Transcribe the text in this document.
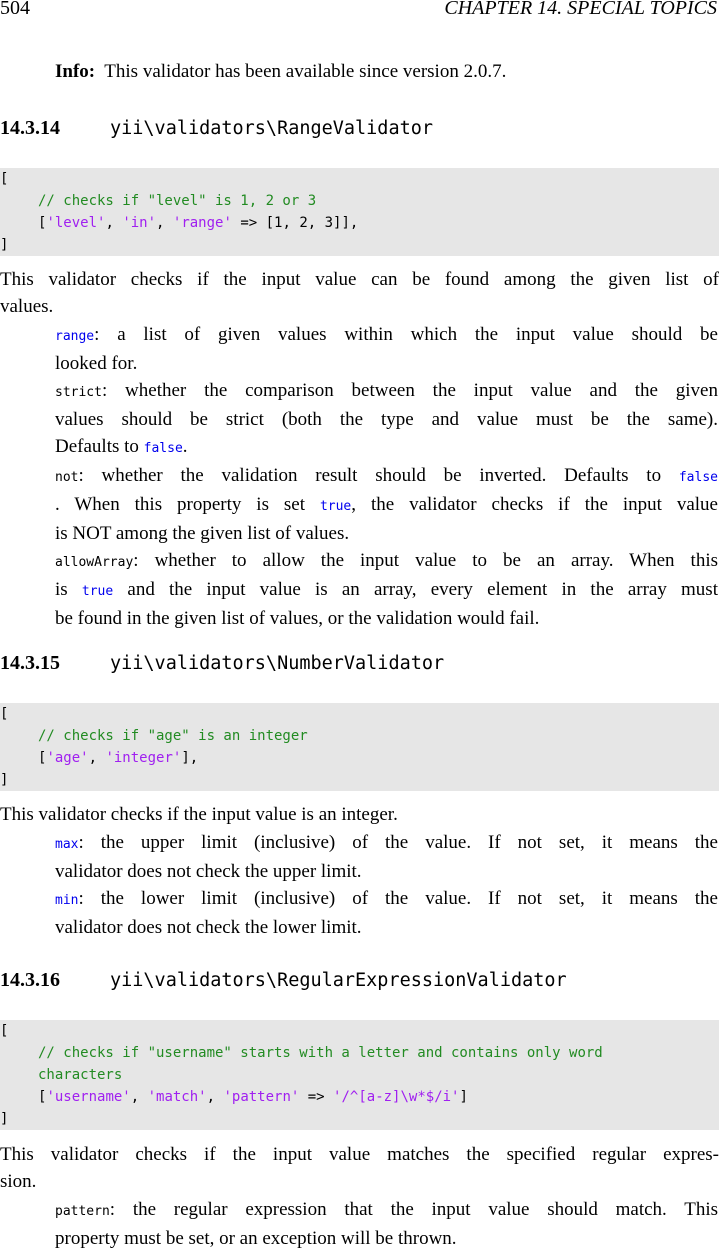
504	CHAPTER 14. SPECIAL TOPICS
Info: This validator has been available since version 2.0.7.
14.3.14	yii\validators\RangeValidator
[
// checks if "level" is 1, 2 or 3
['level', 'in', 'range' => [1, 2, 3]],
]
This validator checks if the input value can be found among the given list of
values.
range: a list of given values within which the input value should be
looked for.
strict: whether the comparison between the input value and the given
values should be strict (both the type and value must be the same).
Defaults to false.
not: whether the validation result should be inverted. Defaults to false
. When this property is set true, the validator checks if the input value
is NOT among the given list of values.
allowArray: whether to allow the input value to be an array. When this
is true and the input value is an array, every element in the array must
be found in the given list of values, or the validation would fail.
14.3.15	yii\validators\NumberValidator
[
// checks if "age" is an integer
['age', 'integer'],
]
This validator checks if the input value is an integer.
max: the upper limit (inclusive) of the value. If not set, it means the
validator does not check the upper limit.
min: the lower limit (inclusive) of the value. If not set, it means the
validator does not check the lower limit.
14.3.16	yii\validators\RegularExpressionValidator
[
// checks if "username" starts with a letter and contains only word
characters
['username', 'match', 'pattern' => '/^[a-z]\w*$/i']
]
This validator checks if the input value matches the specified regular expres-
sion.
pattern: the regular expression that the input value should match. This
property must be set, or an exception will be thrown.
